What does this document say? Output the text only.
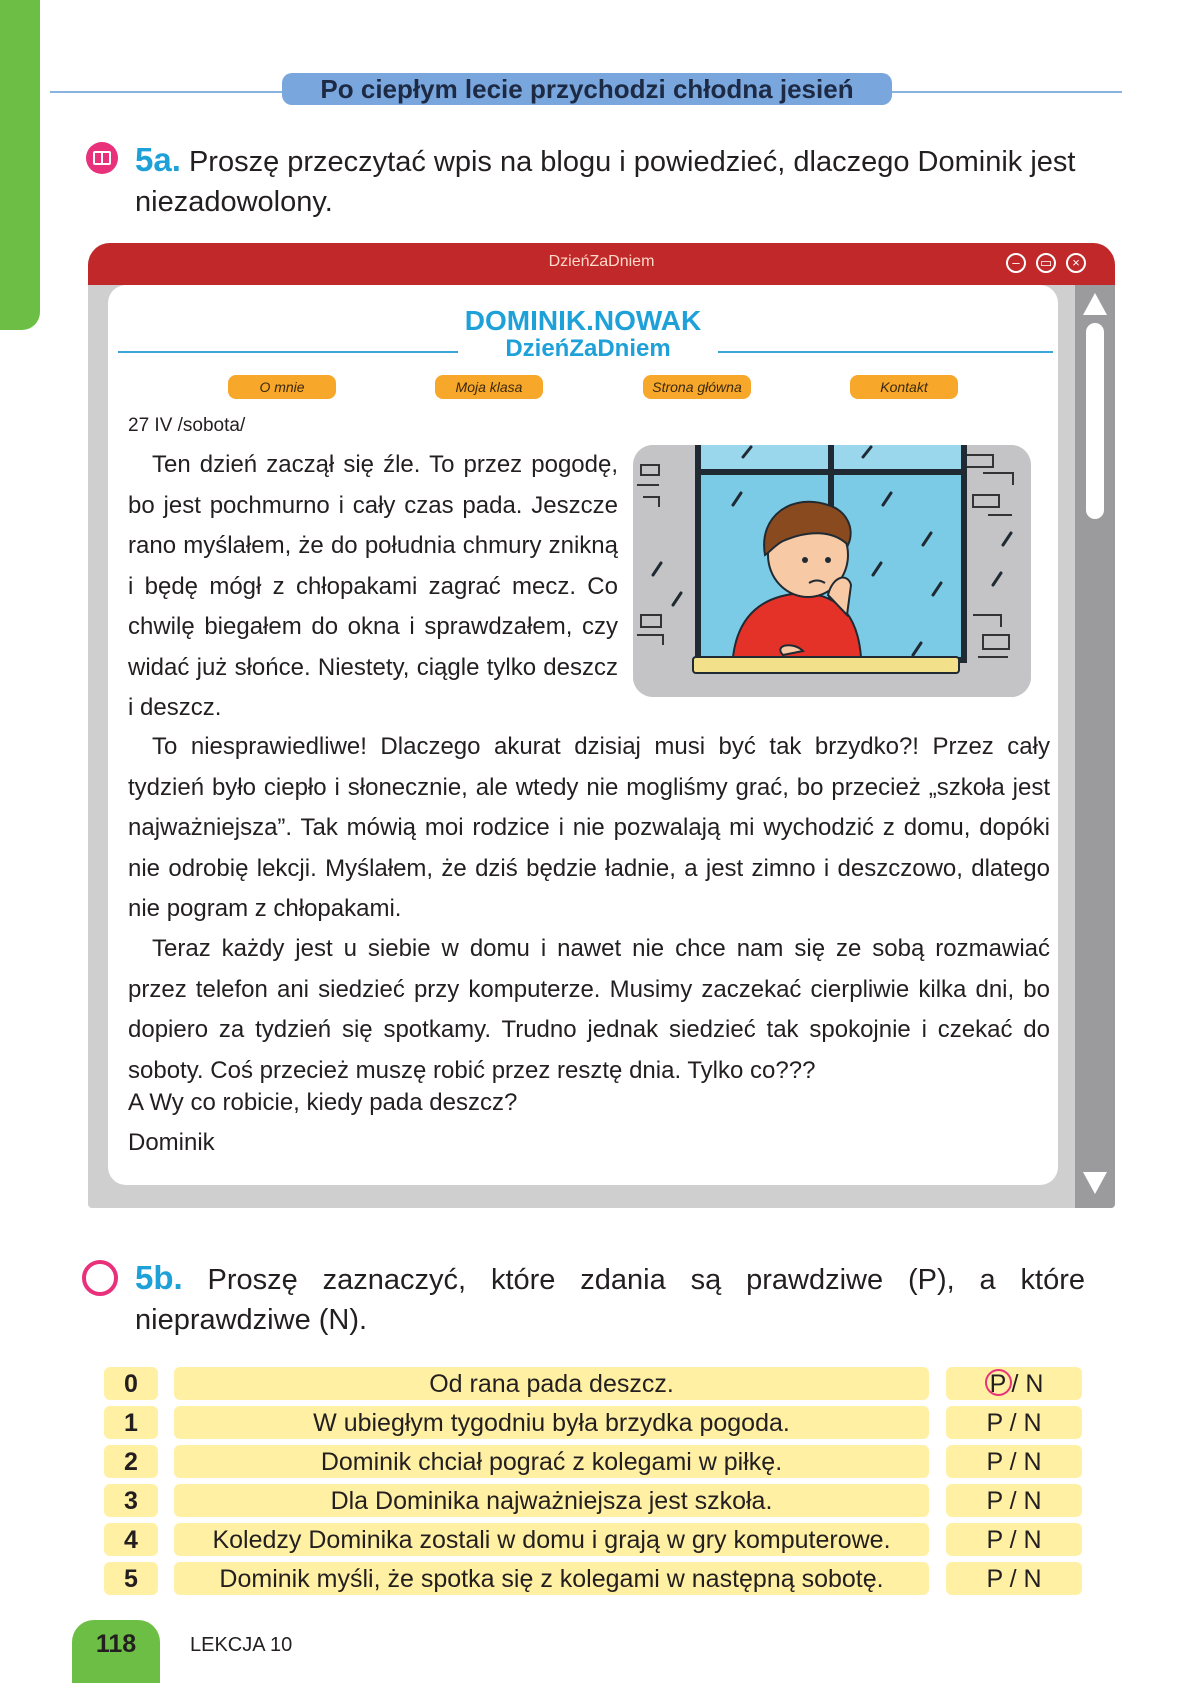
Po ciepłym lecie przychodzi chłodna jesień
5a. Proszę przeczytać wpis na blogu i powiedzieć, dlaczego Dominik jest niezadowolony.
DzieńZaDniem	–	▭	×
DOMINIK.NOWAK
DzieńZaDniem
O mnie	Moja klasa	Strona główna	Kontakt
27 IV /sobota/
Ten dzień zaczął się źle. To przez pogodę, bo jest pochmurno i cały czas pada. Jeszcze rano myślałem, że do południa chmury znikną i będę mógł z chłopakami zagrać mecz. Co chwilę biegałem do okna i sprawdzałem, czy widać już słońce. Niestety, ciągle tylko deszcz i deszcz.
To niesprawiedliwe! Dlaczego akurat dzisiaj musi być tak brzydko?! Przez cały tydzień było ciepło i słonecznie, ale wtedy nie mogliśmy grać, bo przecież „szkoła jest najważniejsza”. Tak mówią moi rodzice i nie pozwalają mi wychodzić z domu, dopóki nie odrobię lekcji. Myślałem, że dziś będzie ładnie, a jest zimno i deszczowo, dlatego nie pogram z chłopakami.
Teraz każdy jest u siebie w domu i nawet nie chce nam się ze sobą rozmawiać przez telefon ani siedzieć przy komputerze. Musimy zaczekać cierpliwie kilka dni, bo dopiero za tydzień się spotkamy. Trudno jednak siedzieć tak spokojnie i czekać do soboty. Coś przecież muszę robić przez resztę dnia. Tylko co???
A Wy co robicie, kiedy pada deszcz?
Dominik
5b. Proszę zaznaczyć, które zdania są prawdziwe (P), a które nieprawdziwe (N).
0	Od rana pada deszcz.	P / N
1	W ubiegłym tygodniu była brzydka pogoda.	P / N
2	Dominik chciał pograć z kolegami w piłkę.	P / N
3	Dla Dominika najważniejsza jest szkoła.	P / N
4	Koledzy Dominika zostali w domu i grają w gry komputerowe.	P / N
5	Dominik myśli, że spotka się z kolegami w następną sobotę.	P / N
118	LEKCJA 10
